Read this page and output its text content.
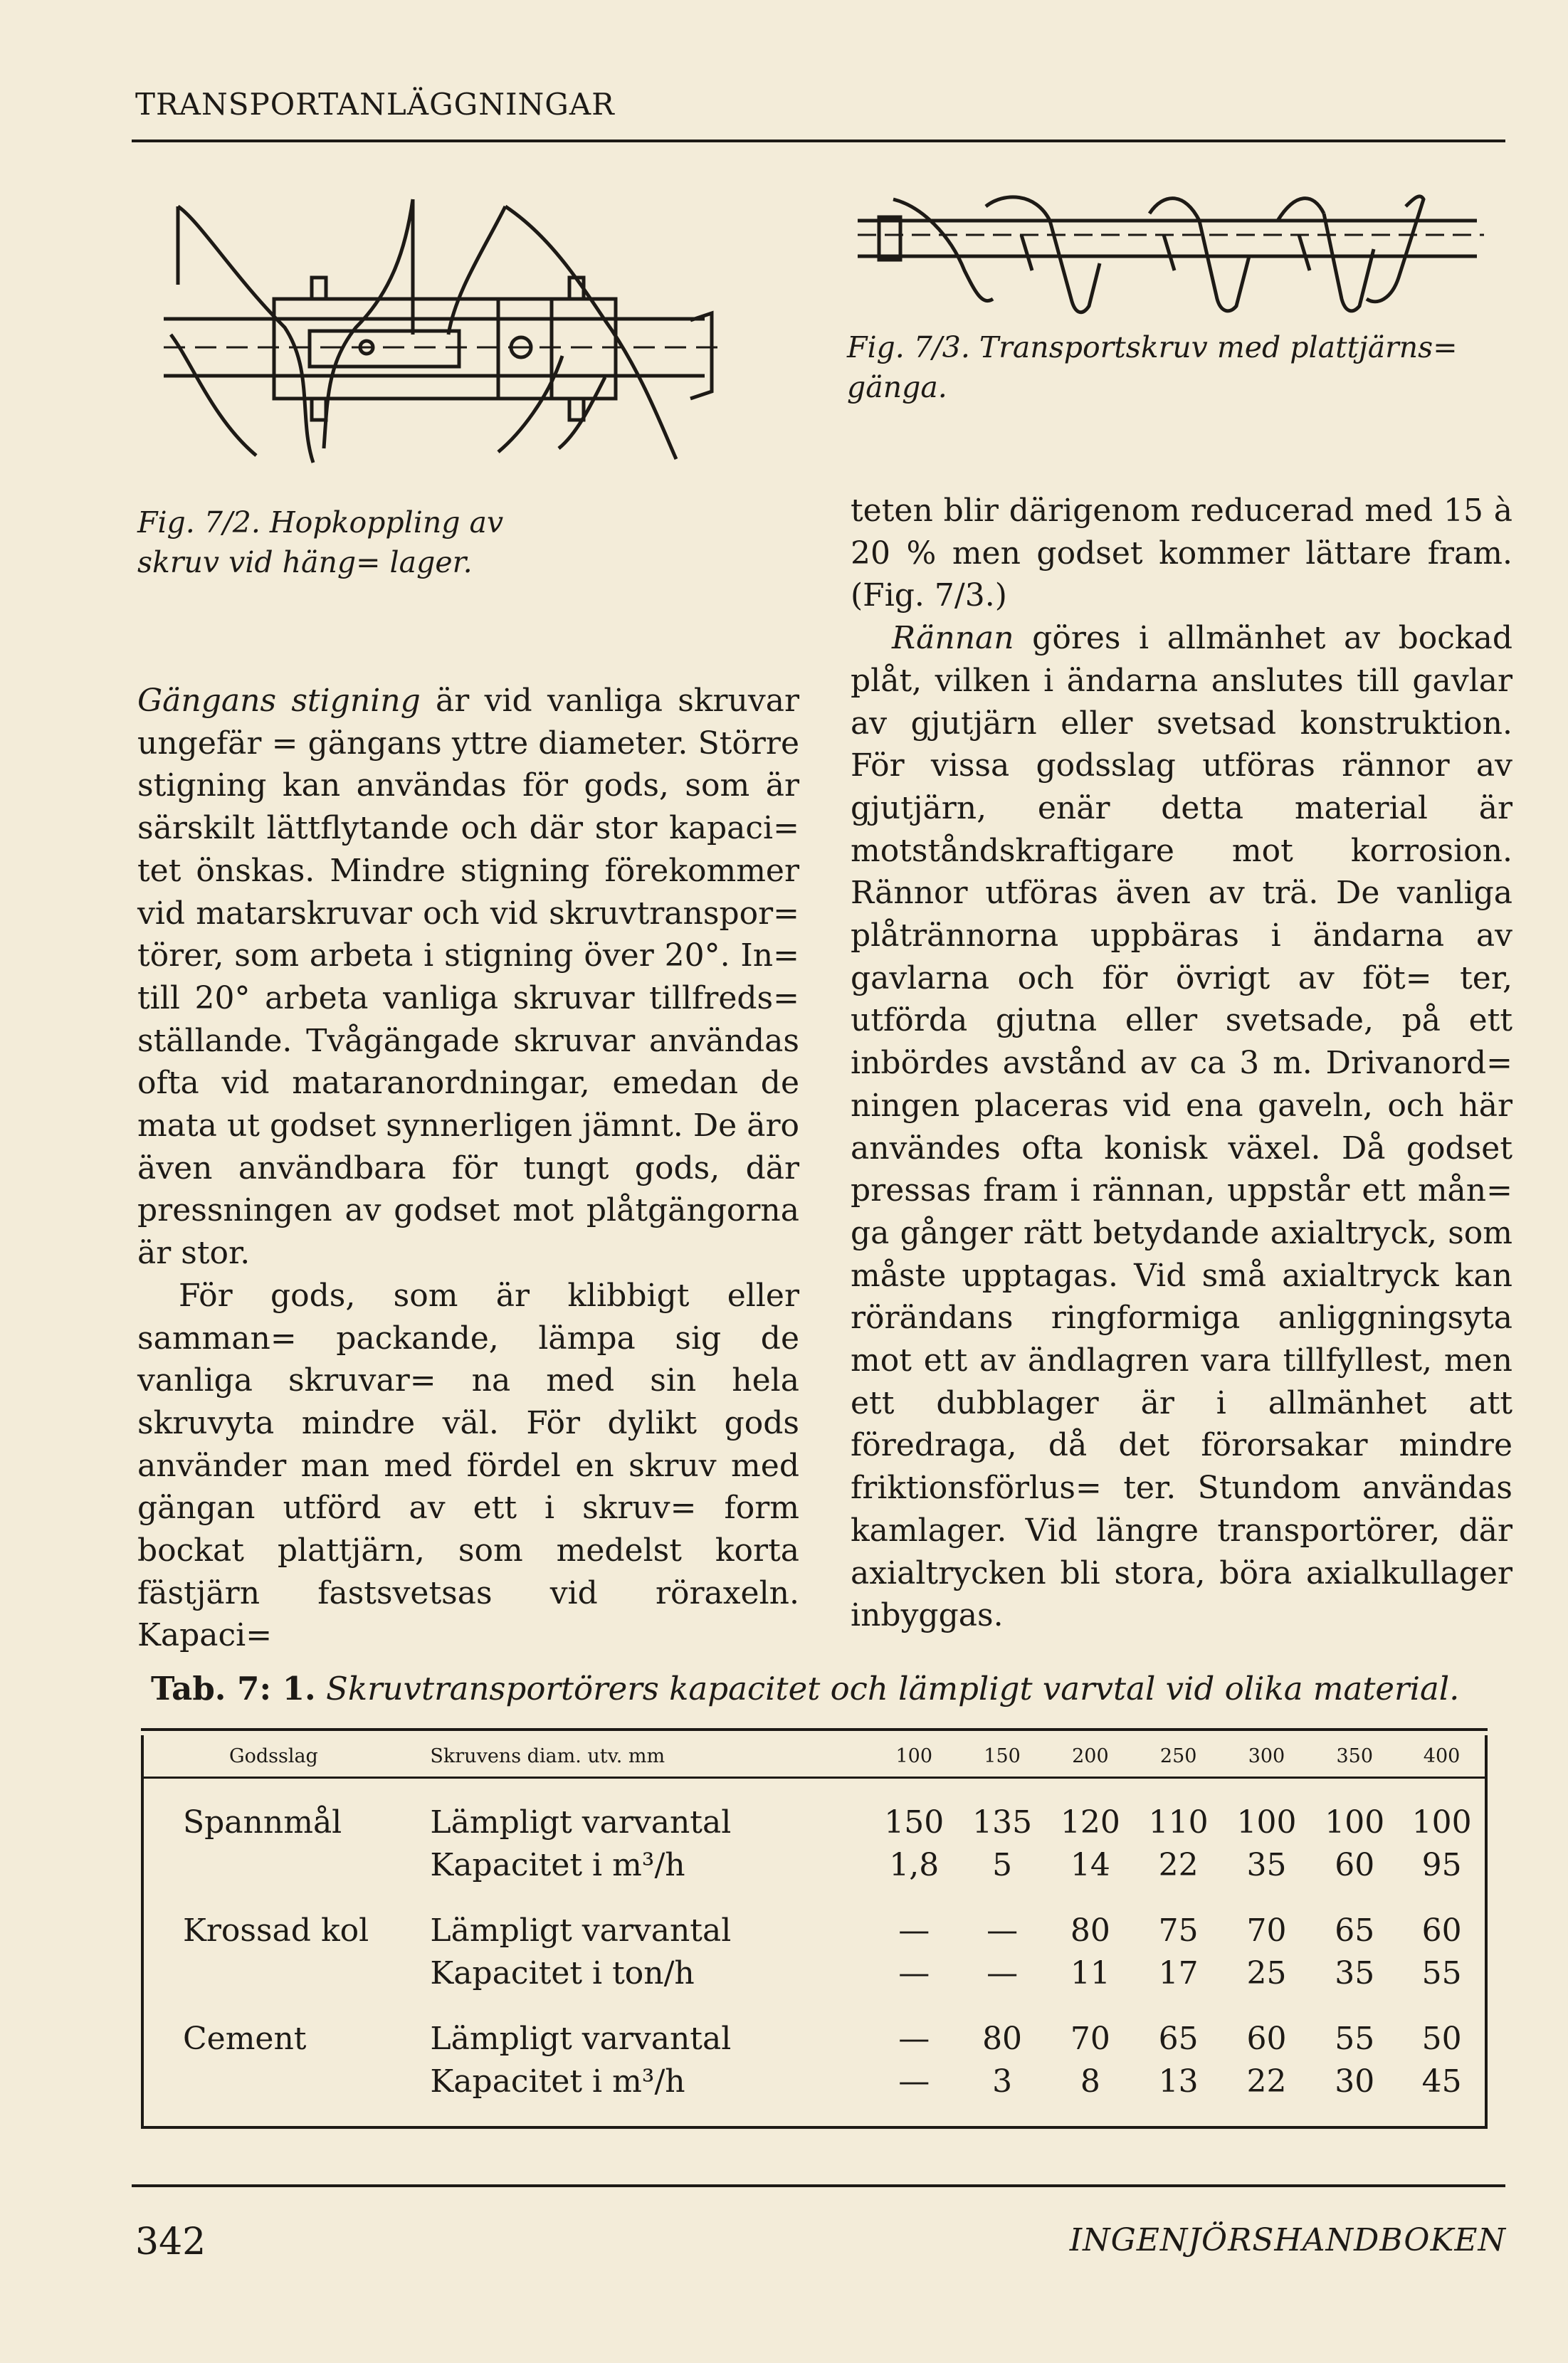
TRANSPORTANLÄGGNINGAR
Fig. 7/3. Transportskruv med plattjärns= gänga.
Fig. 7/2. Hopkoppling av skruv vid häng= lager.

Gängans stigning är vid vanliga skruvar ungefär = gängans yttre diameter. Större stigning kan användas för gods, som är särskilt lättflytande och där stor kapaci= tet önskas. Mindre stigning förekommer vid matarskruvar och vid skruvtranspor= törer, som arbeta i stigning över 20°. In= till 20° arbeta vanliga skruvar tillfreds= ställande. Tvågängade skruvar användas ofta vid mataranordningar, emedan de mata ut godset synnerligen jämnt. De äro även användbara för tungt gods, där pressningen av godset mot plåtgängorna är stor.

För gods, som är klibbigt eller samman= packande, lämpa sig de vanliga skruvar= na med sin hela skruvyta mindre väl. För dylikt gods använder man med fördel en skruv med gängan utförd av ett i skruv= form bockat plattjärn, som medelst korta fästjärn fastsvetsas vid röraxeln. Kapaci=

teten blir därigenom reducerad med 15 à 20 % men godset kommer lättare fram. (Fig. 7/3.)

Rännan göres i allmänhet av bockad plåt, vilken i ändarna anslutes till gavlar av gjutjärn eller svetsad konstruktion. För vissa godsslag utföras rännor av gjutjärn, enär detta material är motståndskraftigare mot korrosion. Rännor utföras även av trä. De vanliga plåtrännorna uppbäras i ändarna av gavlarna och för övrigt av föt= ter, utförda gjutna eller svetsade, på ett inbördes avstånd av ca 3 m. Drivanord= ningen placeras vid ena gaveln, och här användes ofta konisk växel. Då godset pressas fram i rännan, uppstår ett mån= ga gånger rätt betydande axialtryck, som måste upptagas. Vid små axialtryck kan rörändans ringformiga anliggningsyta mot ett av ändlagren vara tillfyllest, men ett dubblager är i allmänhet att föredraga, då det förorsakar mindre friktionsförlus= ter. Stundom användas kamlager. Vid längre transportörer, där axialtrycken bli stora, böra axialkullager inbyggas.

Tab. 7: 1. Skruvtransportörers kapacitet och lämpligt varvtal vid olika material.
Godsslag	Skruvens diam. utv. mm	100	150	200	250	300	350	400

Spannmål	Lämpligt varvantal	150	135	120	110	100	100	100
	Kapacitet i m³/h	1,8	5	14	22	35	60	95

Krossad kol	Lämpligt varvantal	—	—	80	75	70	65	60
	Kapacitet i ton/h	—	—	11	17	25	35	55

Cement	Lämpligt varvantal	—	80	70	65	60	55	50
	Kapacitet i m³/h	—	3	8	13	22	30	45

342	INGENJÖRSHANDBOKEN
